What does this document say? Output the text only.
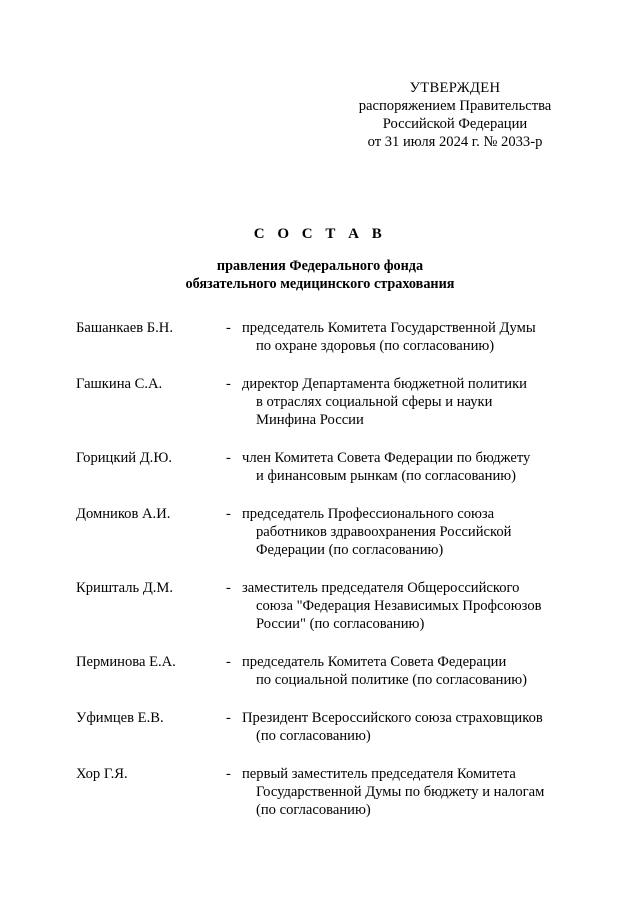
УТВЕРЖДЕН
распоряжением Правительства
Российской Федерации
от 31 июля 2024 г. № 2033-р
С О С Т А В
правления Федерального фонда
обязательного медицинского страхования
Башанкаев Б.Н.	- председатель Комитета Государственной Думы
по охране здоровья (по согласованию)
Гашкина С.А.	- директор Департамента бюджетной политики
в отраслях социальной сферы и науки
Минфина России
Горицкий Д.Ю.	- член Комитета Совета Федерации по бюджету
и финансовым рынкам (по согласованию)
Домников А.И.	- председатель Профессионального союза
работников здравоохранения Российской
Федерации (по согласованию)
Кришталь Д.М.	- заместитель председателя Общероссийского
союза "Федерация Независимых Профсоюзов
России" (по согласованию)
Перминова Е.А.	- председатель Комитета Совета Федерации
по социальной политике (по согласованию)
Уфимцев Е.В.	- Президент Всероссийского союза страховщиков
(по согласованию)
Хор Г.Я.	- первый заместитель председателя Комитета
Государственной Думы по бюджету и налогам
(по согласованию)
